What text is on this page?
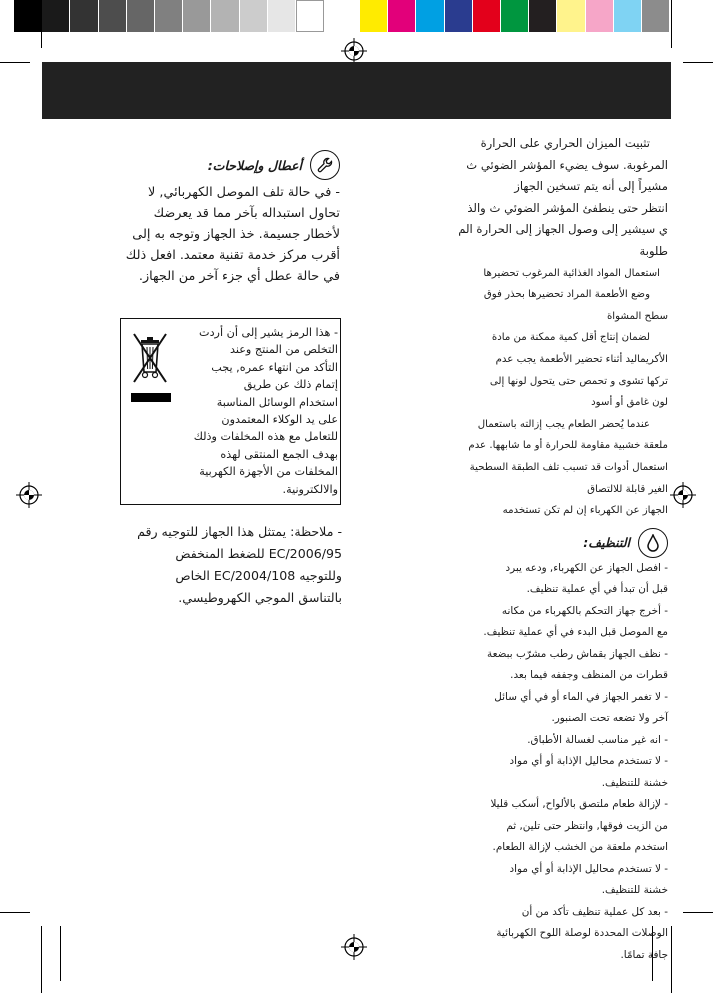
تثبيت الميزان الحراري على الحرارة

المرغوبة. سوف يضيء المؤشر الضوئي ث

مشيراً إلى أنه يتم تسخين الجهاز

انتظر حتى ينطفئ المؤشر الضوئي ث والذ

ي سيشير إلى وصول الجهاز إلى الحرارة الم

طلوبة

استعمال المواد الغذائية المرغوب تحضيرها

وضع الأطعمة المراد تحضيرها بحذر فوق

سطح المشواة

لضمان إنتاج أقل كمية ممكنة من مادة

الأكريماليد أثناء تحضير الأطعمة يجب عدم

تركها تشوى و تحمص حتى يتحول لونها إلى

لون غامق أو أسود

عندما يُحضر الطعام يجب إزالته باستعمال

ملعقة خشبية مقاومة للحرارة أو ما شابهها. عدم

استعمال أدوات قد تسبب تلف الطبقة السطحية

الغير قابلة للالتصاق

الجهاز عن الكهرباء إن لم تكن تستخدمه

التنظيف:

- افصل الجهاز عن الكهرباء, ودعه يبرد

قبل أن تبدأ في أي عملية تنظيف.

- أخرج جهاز التحكم بالكهرباء من مكانه

مع الموصل قبل البدء في أي عملية تنظيف.

- نظف الجهاز بقماش رطب مشرّب ببضعة

قطرات من المنظف وجففه فيما بعد.

- لا تغمر الجهاز في الماء أو في أي سائل

آخر ولا تضعه تحت الصنبور.

- انه غير مناسب لغسالة الأطباق.

- لا تستخدم محاليل الإذابة أو أي مواد

خشنة للتنظيف.

- لإزالة طعام ملتصق بالألواح, أسكب قليلا

من الزيت فوقها, وانتظر حتى تلين, ثم

استخدم ملعقة من الخشب لإزالة الطعام.

- لا تستخدم محاليل الإذابة أو أي مواد

خشنة للتنظيف.

- بعد كل عملية تنظيف تأكد من أن

الوصلات المحددة لوصلة اللوح الكهربائية

جافة تمامًا.

أعطال وإصلاحات:

- في حالة تلف الموصل الكهربائي, لا

تحاول استبداله بآخر مما قد يعرضك

لأخطار جسيمة. خذ الجهاز وتوجه به إلى

أقرب مركز خدمة تقنية معتمد. افعل ذلك

في حالة عطل أي جزء آخر من الجهاز.

- هذا الرمز يشير إلى أن أردت

التخلص من المنتج وعند

التأكد من انتهاء عمره, يجب

إتمام ذلك عن طريق

استخدام الوسائل المناسبة

على يد الوكلاء المعتمدون

للتعامل مع هذه المخلفات وذلك

بهدف الجمع المنتقى لهذه

المخلفات من الأجهزة الكهربية

والالكترونية.

- ملاحظة: يمتثل هذا الجهاز للتوجيه رقم

EC/2006/95 للضغط المنخفض

وللتوجيه EC/2004/108 الخاص

بالتناسق الموجي الكهروطيسي.
